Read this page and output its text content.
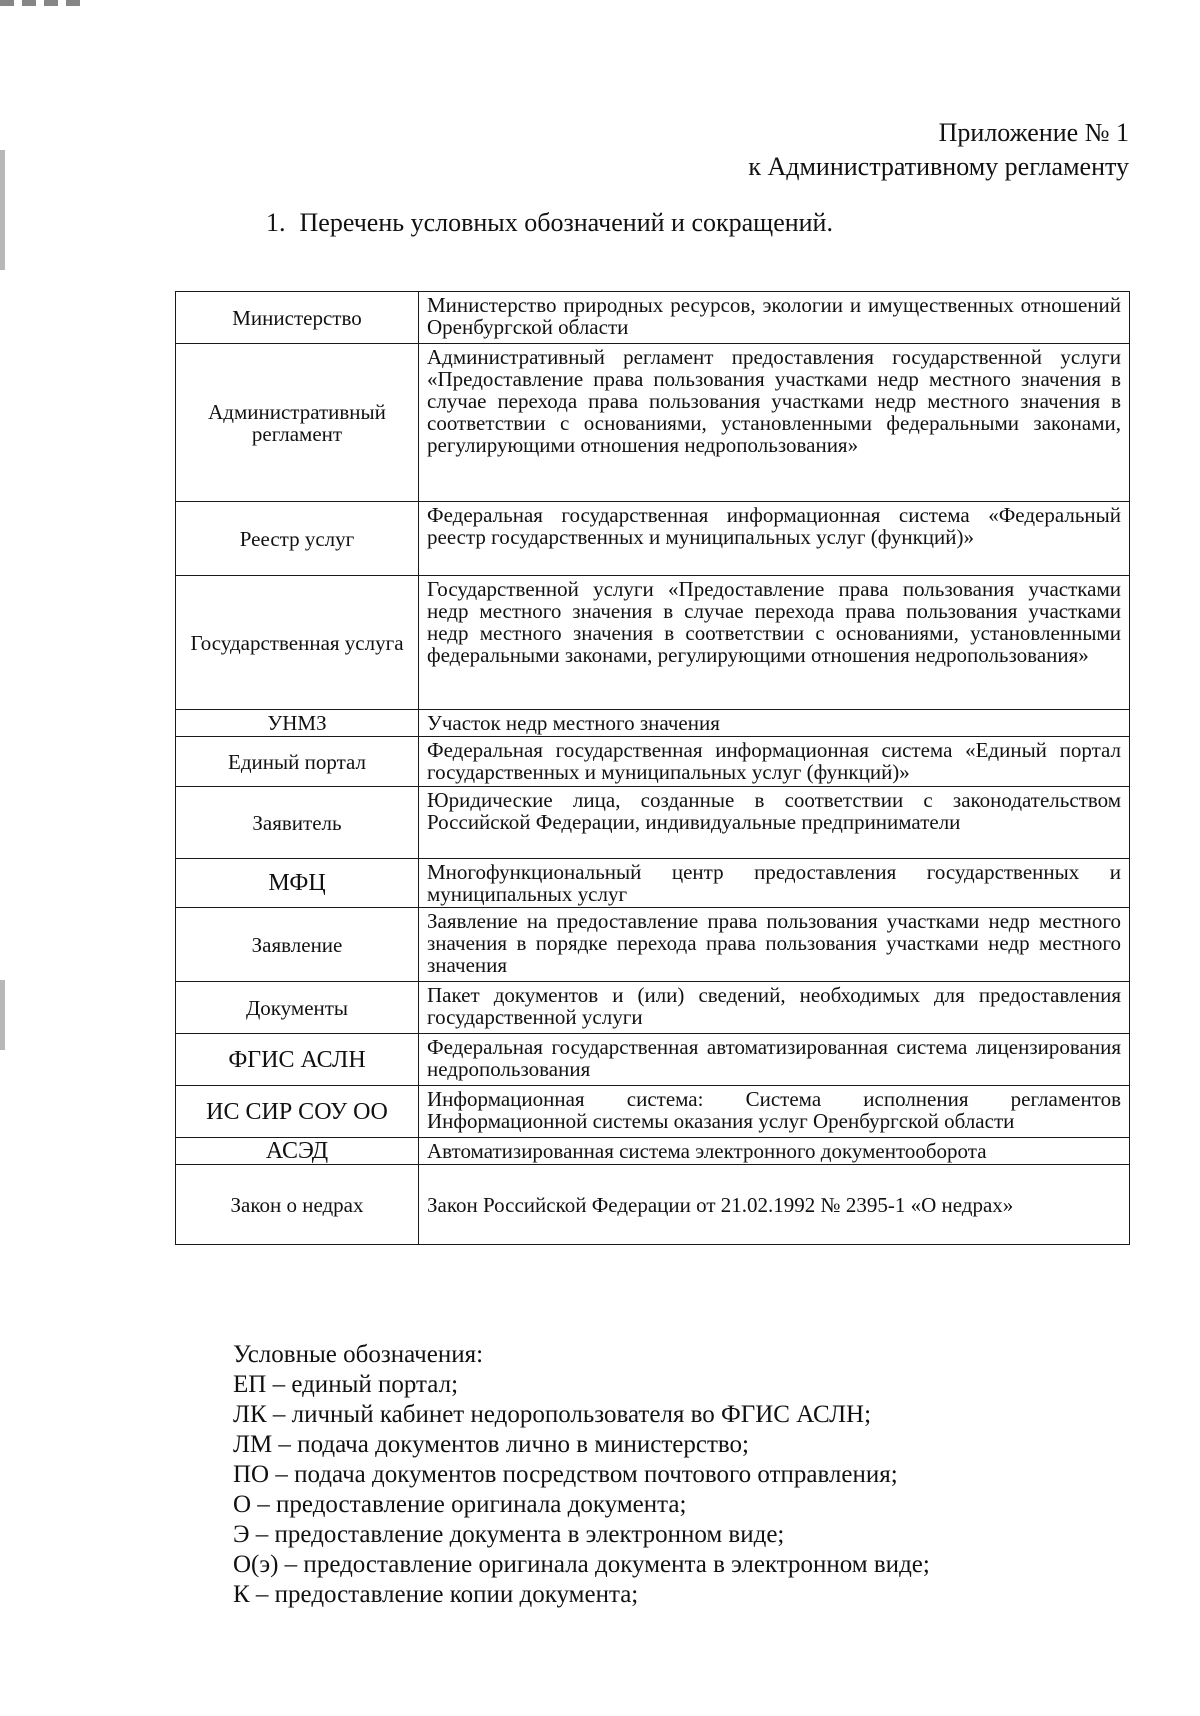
Приложение № 1
к Административному регламенту
1. Перечень условных обозначений и сокращений.
Министерство	Министерство природных ресурсов, экологии и имущественных отношений Оренбургской области
Административный регламент	Административный регламент предоставления государственной услуги «Предоставление права пользования участками недр местного значения в случае перехода права пользования участками недр местного значения в соответствии с основаниями, установленными федеральными законами, регулирующими отношения недропользования»
Реестр услуг	Федеральная государственная информационная система «Федеральный реестр государственных и муниципальных услуг (функций)»
Государственная услуга	Государственной услуги «Предоставление права пользования участками недр местного значения в случае перехода права пользования участками недр местного значения в соответствии с основаниями, установленными федеральными законами, регулирующими отношения недропользования»
УНМЗ	Участок недр местного значения
Единый портал	Федеральная государственная информационная система «Единый портал государственных и муниципальных услуг (функций)»
Заявитель	Юридические лица, созданные в соответствии с законодательством Российской Федерации, индивидуальные предприниматели
МФЦ	Многофункциональный центр предоставления государственных и муниципальных услуг
Заявление	Заявление на предоставление права пользования участками недр местного значения в порядке перехода права пользования участками недр местного значения
Документы	Пакет документов и (или) сведений, необходимых для предоставления государственной услуги
ФГИС АСЛН	Федеральная государственная автоматизированная система лицензирования недропользования
ИС СИР СОУ ОО	Информационная система: Система исполнения регламентов Информационной системы оказания услуг Оренбургской области
АСЭД	Автоматизированная система электронного документооборота
Закон о недрах	Закон Российской Федерации от 21.02.1992 № 2395-1 «О недрах»
Условные обозначения:
ЕП – единый портал;
ЛК – личный кабинет недоропользователя во ФГИС АСЛН;
ЛМ – подача документов лично в министерство;
ПО – подача документов посредством почтового отправления;
О – предоставление оригинала документа;
Э – предоставление документа в электронном виде;
О(э) – предоставление оригинала документа в электронном виде;
К – предоставление копии документа;
